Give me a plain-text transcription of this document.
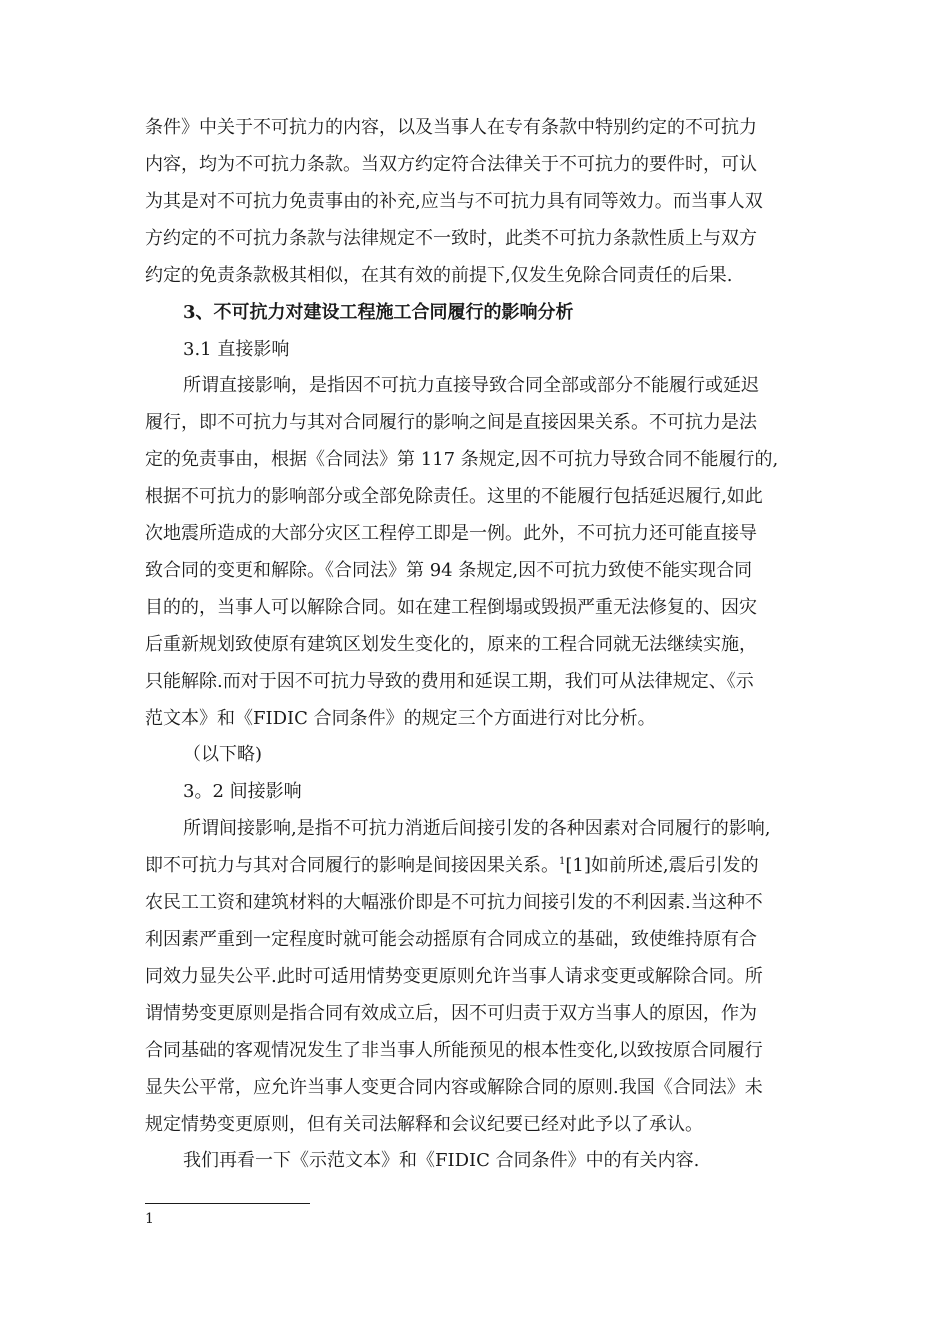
条件》中关于不可抗力的内容，以及当事人在专有条款中特别约定的不可抗力
内容，均为不可抗力条款。当双方约定符合法律关于不可抗力的要件时，可认
为其是对不可抗力免责事由的补充,应当与不可抗力具有同等效力。而当事人双
方约定的不可抗力条款与法律规定不一致时，此类不可抗力条款性质上与双方
约定的免责条款极其相似，在其有效的前提下,仅发生免除合同责任的后果.
3、不可抗力对建设工程施工合同履行的影响分析
3.1 直接影响
所谓直接影响，是指因不可抗力直接导致合同全部或部分不能履行或延迟
履行，即不可抗力与其对合同履行的影响之间是直接因果关系。不可抗力是法
定的免责事由，根据《合同法》第 117 条规定,因不可抗力导致合同不能履行的,
根据不可抗力的影响部分或全部免除责任。这里的不能履行包括延迟履行,如此
次地震所造成的大部分灾区工程停工即是一例。此外，不可抗力还可能直接导
致合同的变更和解除。《合同法》第 94 条规定,因不可抗力致使不能实现合同
目的的，当事人可以解除合同。如在建工程倒塌或毁损严重无法修复的、因灾
后重新规划致使原有建筑区划发生变化的，原来的工程合同就无法继续实施，
只能解除.而对于因不可抗力导致的费用和延误工期，我们可从法律规定、《示
范文本》和《FIDIC 合同条件》的规定三个方面进行对比分析。
（以下略)
3。2 间接影响
所谓间接影响,是指不可抗力消逝后间接引发的各种因素对合同履行的影响,
即不可抗力与其对合同履行的影响是间接因果关系。$^1$[1]如前所述,震后引发的
农民工工资和建筑材料的大幅涨价即是不可抗力间接引发的不利因素.当这种不
利因素严重到一定程度时就可能会动摇原有合同成立的基础，致使维持原有合
同效力显失公平.此时可适用情势变更原则允许当事人请求变更或解除合同。所
谓情势变更原则是指合同有效成立后，因不可归责于双方当事人的原因，作为
合同基础的客观情况发生了非当事人所能预见的根本性变化,以致按原合同履行
显失公平常，应允许当事人变更合同内容或解除合同的原则.我国《合同法》未
规定情势变更原则，但有关司法解释和会议纪要已经对此予以了承认。
我们再看一下《示范文本》和《FIDIC 合同条件》中的有关内容.
1
